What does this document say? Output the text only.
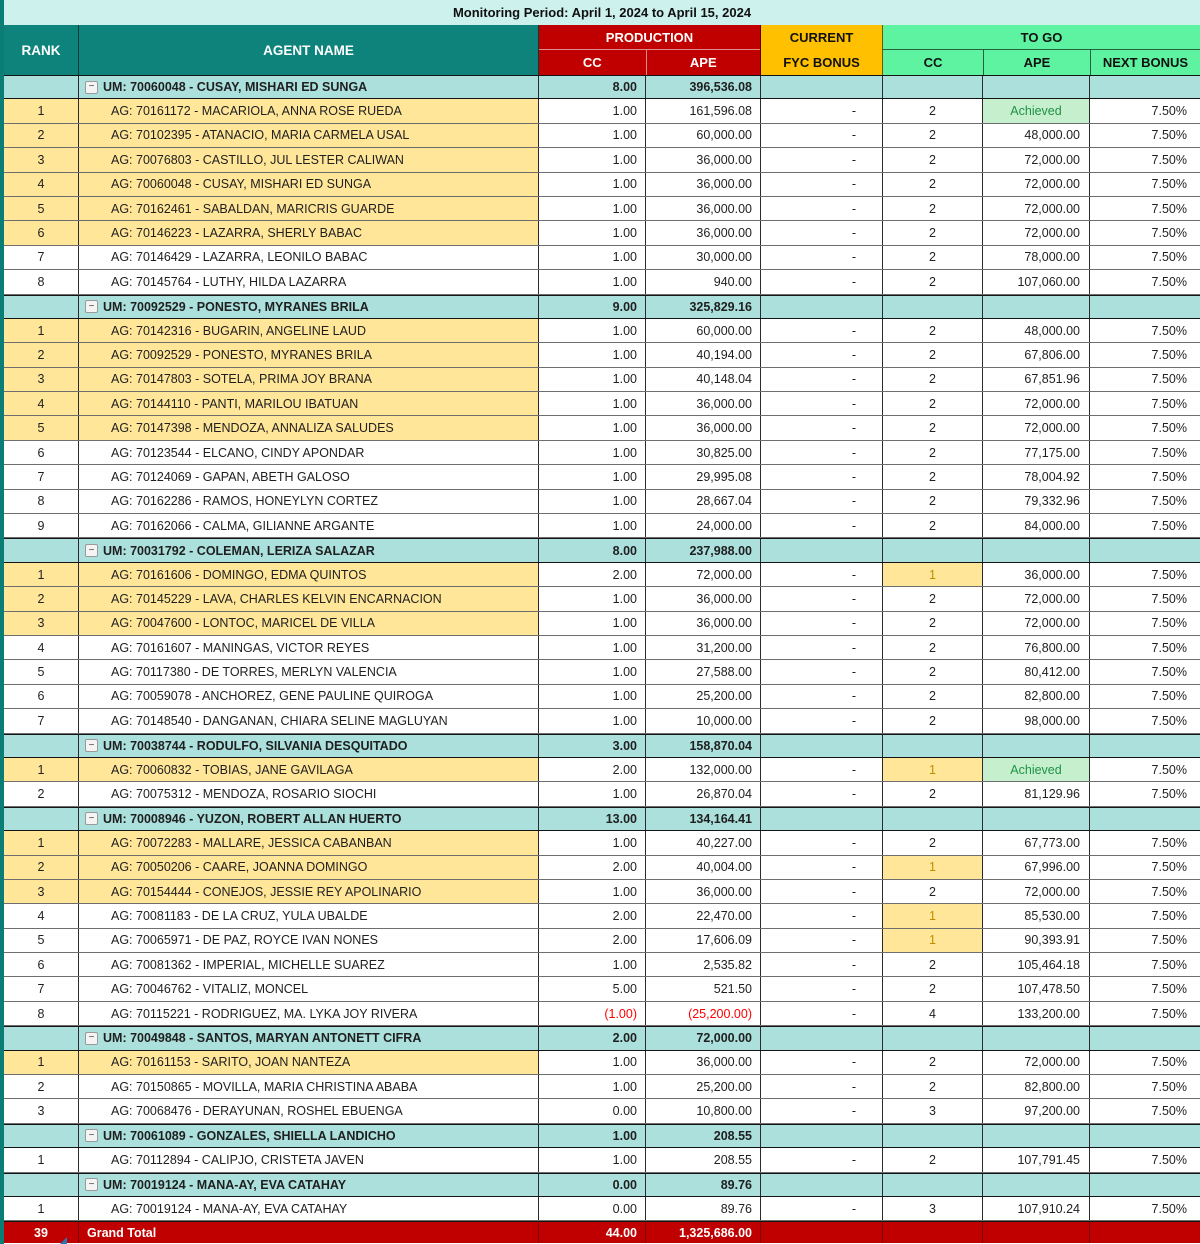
Monitoring Period: April 1, 2024 to April 15, 2024
RANK	AGENT NAME
PRODUCTION
CC	APE
CURRENT
FYC BONUS
TO GO
CC	APE	NEXT BONUS
− UM: 70060048 - CUSAY, MISHARI ED SUNGA	8.00	396,536.08
1	AG: 70161172 - MACARIOLA, ANNA ROSE RUEDA	1.00	161,596.08	-	2	Achieved	7.50%
2	AG: 70102395 - ATANACIO, MARIA CARMELA USAL	1.00	60,000.00	-	2	48,000.00	7.50%
3	AG: 70076803 - CASTILLO, JUL LESTER CALIWAN	1.00	36,000.00	-	2	72,000.00	7.50%
4	AG: 70060048 - CUSAY, MISHARI ED SUNGA	1.00	36,000.00	-	2	72,000.00	7.50%
5	AG: 70162461 - SABALDAN, MARICRIS GUARDE	1.00	36,000.00	-	2	72,000.00	7.50%
6	AG: 70146223 - LAZARRA, SHERLY BABAC	1.00	36,000.00	-	2	72,000.00	7.50%
7	AG: 70146429 - LAZARRA, LEONILO BABAC	1.00	30,000.00	-	2	78,000.00	7.50%
8	AG: 70145764 - LUTHY, HILDA LAZARRA	1.00	940.00	-	2	107,060.00	7.50%
− UM: 70092529 - PONESTO, MYRANES BRILA	9.00	325,829.16
1	AG: 70142316 - BUGARIN, ANGELINE LAUD	1.00	60,000.00	-	2	48,000.00	7.50%
2	AG: 70092529 - PONESTO, MYRANES BRILA	1.00	40,194.00	-	2	67,806.00	7.50%
3	AG: 70147803 - SOTELA, PRIMA JOY BRANA	1.00	40,148.04	-	2	67,851.96	7.50%
4	AG: 70144110 - PANTI, MARILOU IBATUAN	1.00	36,000.00	-	2	72,000.00	7.50%
5	AG: 70147398 - MENDOZA, ANNALIZA SALUDES	1.00	36,000.00	-	2	72,000.00	7.50%
6	AG: 70123544 - ELCANO, CINDY APONDAR	1.00	30,825.00	-	2	77,175.00	7.50%
7	AG: 70124069 - GAPAN, ABETH GALOSO	1.00	29,995.08	-	2	78,004.92	7.50%
8	AG: 70162286 - RAMOS, HONEYLYN CORTEZ	1.00	28,667.04	-	2	79,332.96	7.50%
9	AG: 70162066 - CALMA, GILIANNE ARGANTE	1.00	24,000.00	-	2	84,000.00	7.50%
− UM: 70031792 - COLEMAN, LERIZA SALAZAR	8.00	237,988.00
1	AG: 70161606 - DOMINGO, EDMA QUINTOS	2.00	72,000.00	-	1	36,000.00	7.50%
2	AG: 70145229 - LAVA, CHARLES KELVIN ENCARNACION	1.00	36,000.00	-	2	72,000.00	7.50%
3	AG: 70047600 - LONTOC, MARICEL DE VILLA	1.00	36,000.00	-	2	72,000.00	7.50%
4	AG: 70161607 - MANINGAS, VICTOR REYES	1.00	31,200.00	-	2	76,800.00	7.50%
5	AG: 70117380 - DE TORRES, MERLYN VALENCIA	1.00	27,588.00	-	2	80,412.00	7.50%
6	AG: 70059078 - ANCHOREZ, GENE PAULINE QUIROGA	1.00	25,200.00	-	2	82,800.00	7.50%
7	AG: 70148540 - DANGANAN, CHIARA SELINE MAGLUYAN	1.00	10,000.00	-	2	98,000.00	7.50%
− UM: 70038744 - RODULFO, SILVANIA DESQUITADO	3.00	158,870.04
1	AG: 70060832 - TOBIAS, JANE GAVILAGA	2.00	132,000.00	-	1	Achieved	7.50%
2	AG: 70075312 - MENDOZA, ROSARIO SIOCHI	1.00	26,870.04	-	2	81,129.96	7.50%
− UM: 70008946 - YUZON, ROBERT ALLAN HUERTO	13.00	134,164.41
1	AG: 70072283 - MALLARE, JESSICA CABANBAN	1.00	40,227.00	-	2	67,773.00	7.50%
2	AG: 70050206 - CAARE, JOANNA DOMINGO	2.00	40,004.00	-	1	67,996.00	7.50%
3	AG: 70154444 - CONEJOS, JESSIE REY APOLINARIO	1.00	36,000.00	-	2	72,000.00	7.50%
4	AG: 70081183 - DE LA CRUZ, YULA UBALDE	2.00	22,470.00	-	1	85,530.00	7.50%
5	AG: 70065971 - DE PAZ, ROYCE IVAN NONES	2.00	17,606.09	-	1	90,393.91	7.50%
6	AG: 70081362 - IMPERIAL, MICHELLE SUAREZ	1.00	2,535.82	-	2	105,464.18	7.50%
7	AG: 70046762 - VITALIZ, MONCEL	5.00	521.50	-	2	107,478.50	7.50%
8	AG: 70115221 - RODRIGUEZ, MA. LYKA JOY RIVERA	(1.00)	(25,200.00)	-	4	133,200.00	7.50%
− UM: 70049848 - SANTOS, MARYAN ANTONETT CIFRA	2.00	72,000.00
1	AG: 70161153 - SARITO, JOAN NANTEZA	1.00	36,000.00	-	2	72,000.00	7.50%
2	AG: 70150865 - MOVILLA, MARIA CHRISTINA ABABA	1.00	25,200.00	-	2	82,800.00	7.50%
3	AG: 70068476 - DERAYUNAN, ROSHEL EBUENGA	0.00	10,800.00	-	3	97,200.00	7.50%
− UM: 70061089 - GONZALES, SHIELLA LANDICHO	1.00	208.55
1	AG: 70112894 - CALIPJO, CRISTETA JAVEN	1.00	208.55	-	2	107,791.45	7.50%
− UM: 70019124 - MANA-AY, EVA CATAHAY	0.00	89.76
1	AG: 70019124 - MANA-AY, EVA CATAHAY	0.00	89.76	-	3	107,910.24	7.50%
39	Grand Total	44.00	1,325,686.00
